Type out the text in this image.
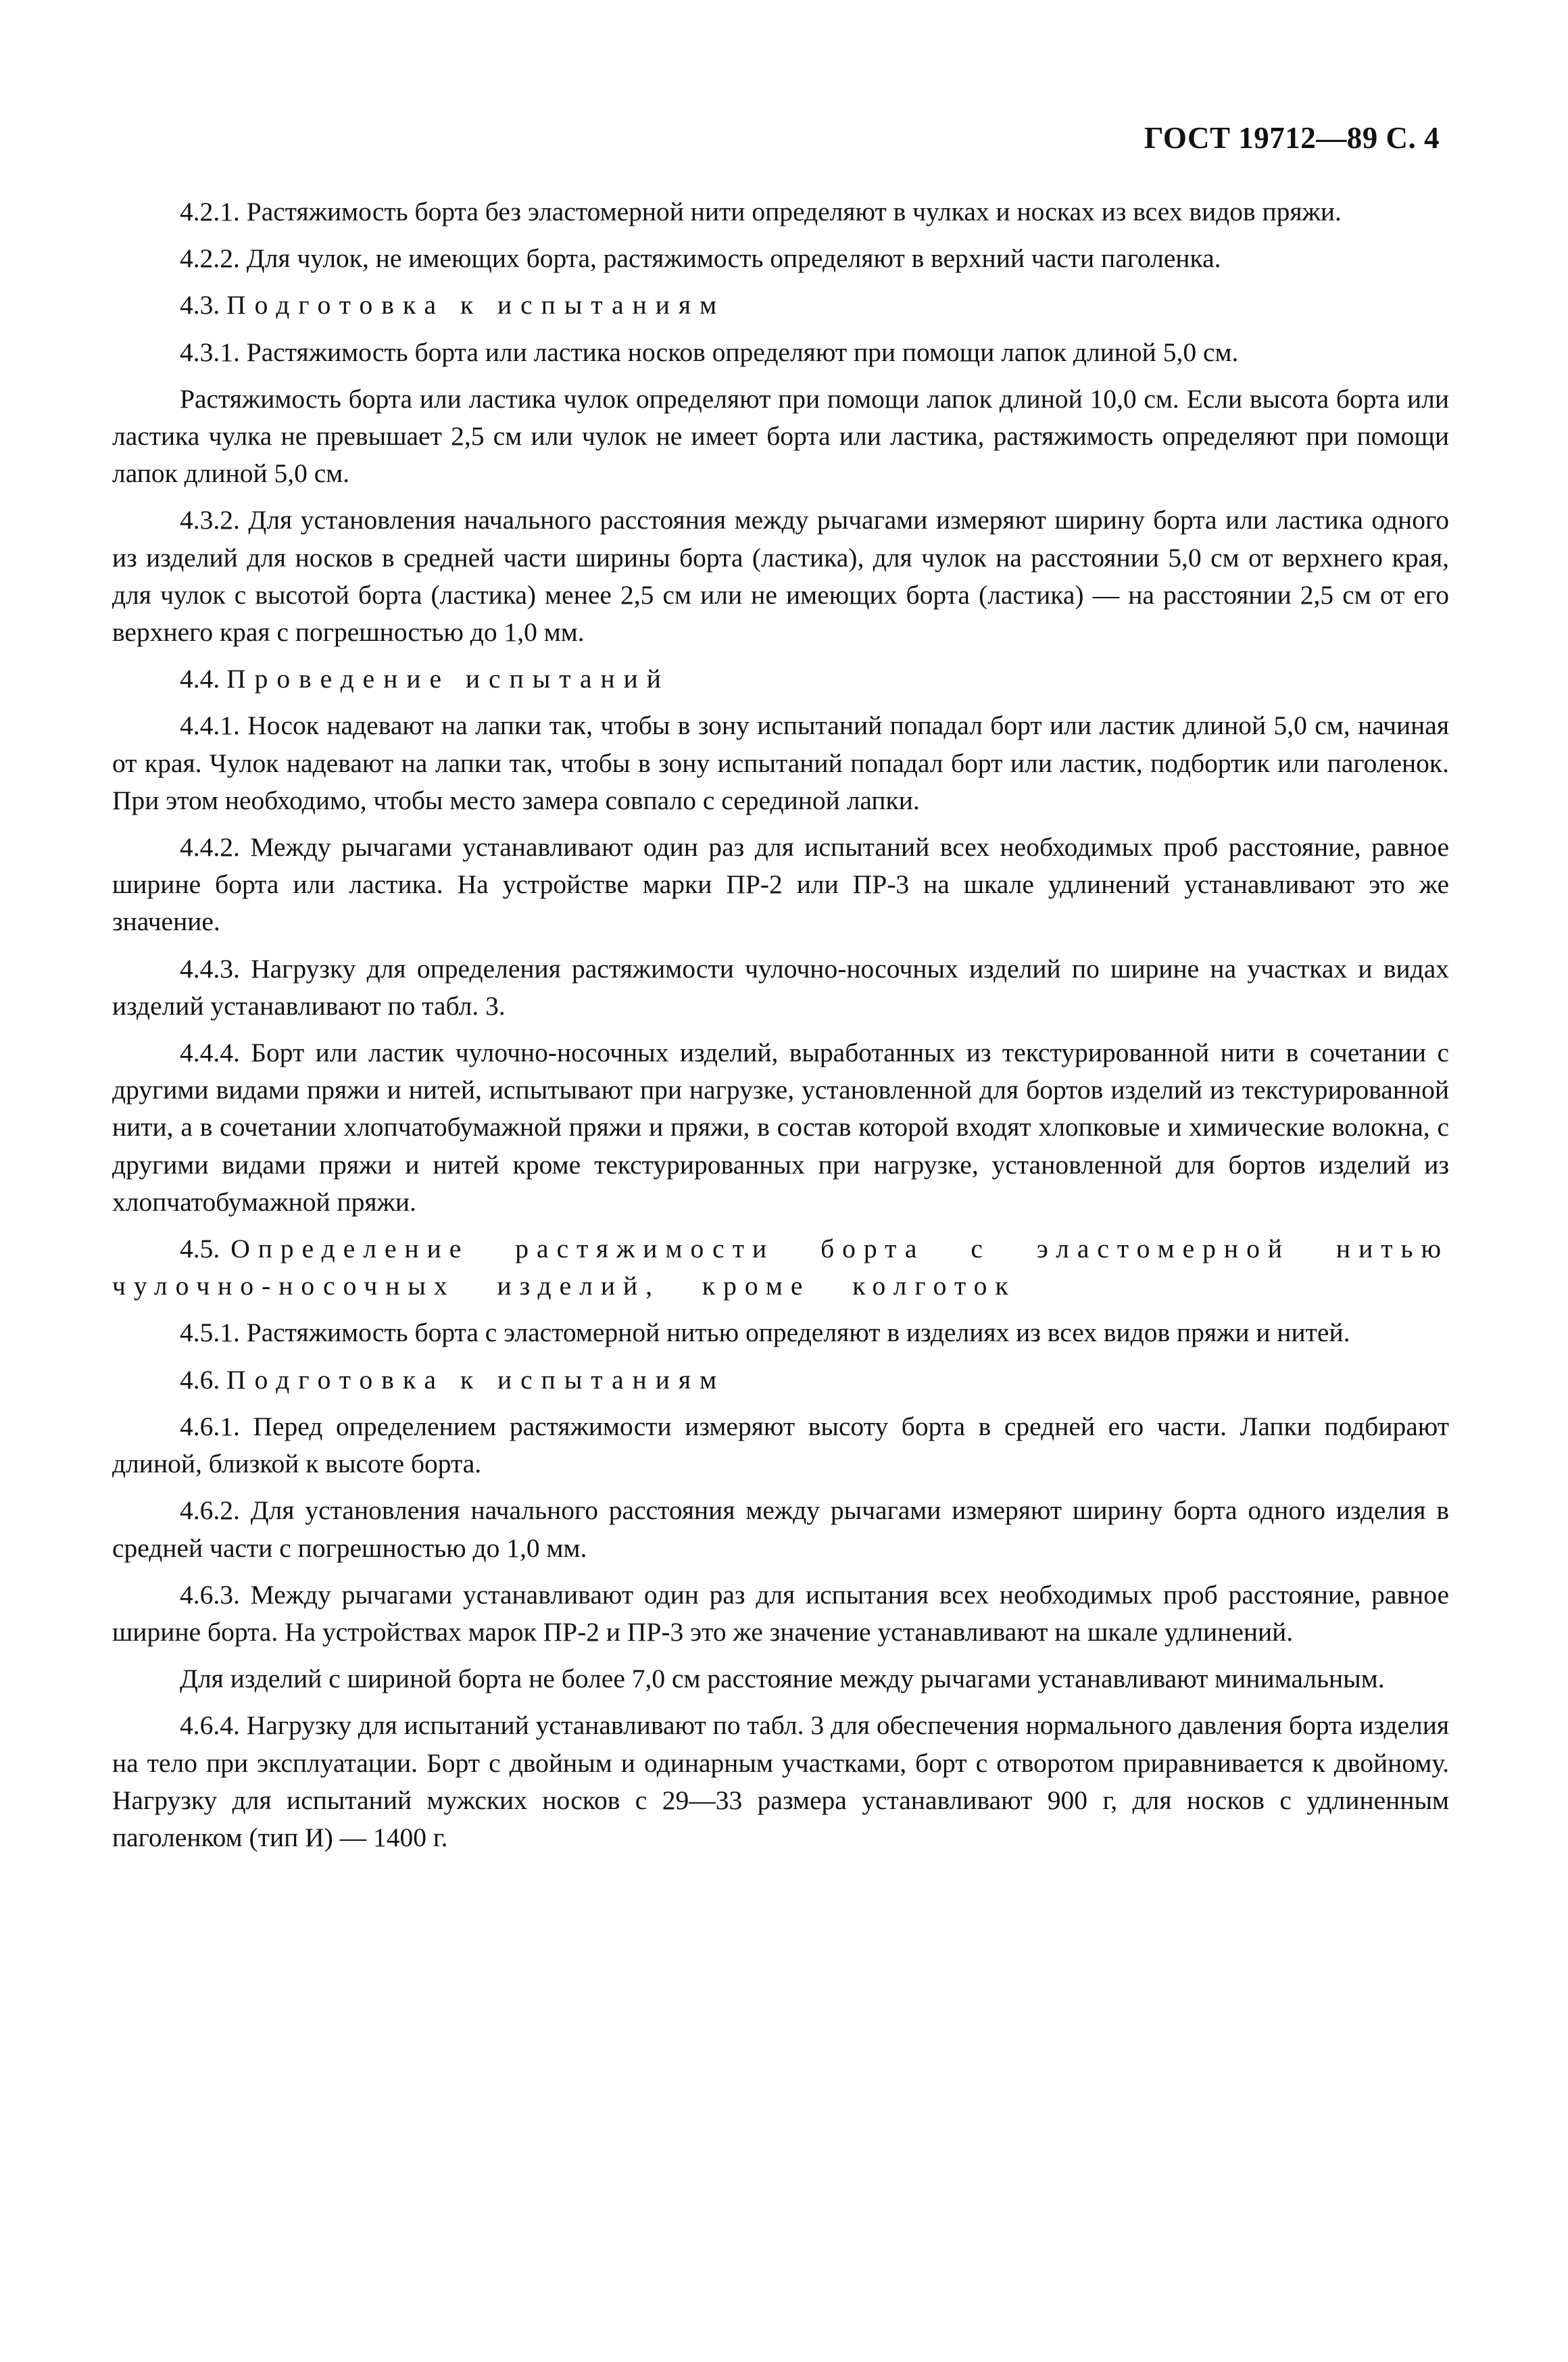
ГОСТ 19712—89 С. 4

4.2.1. Растяжимость борта без эластомерной нити определяют в чулках и носках из всех видов пряжи.

4.2.2. Для чулок, не имеющих борта, растяжимость определяют в верхний части паголенка.

4.3. Подготовка к испытаниям

4.3.1. Растяжимость борта или ластика носков определяют при помощи лапок длиной 5,0 см.

Растяжимость борта или ластика чулок определяют при помощи лапок длиной 10,0 см. Если высота борта или ластика чулка не превышает 2,5 см или чулок не имеет борта или ластика, растяжимость определяют при помощи лапок длиной 5,0 см.

4.3.2. Для установления начального расстояния между рычагами измеряют ширину борта или ластика одного из изделий для носков в средней части ширины борта (ластика), для чулок на расстоянии 5,0 см от верхнего края, для чулок с высотой борта (ластика) менее 2,5 см или не имеющих борта (ластика) — на расстоянии 2,5 см от его верхнего края с погрешностью до 1,0 мм.

4.4. Проведение испытаний

4.4.1. Носок надевают на лапки так, чтобы в зону испытаний попадал борт или ластик длиной 5,0 см, начиная от края. Чулок надевают на лапки так, чтобы в зону испытаний попадал борт или ластик, подбортик или паголенок. При этом необходимо, чтобы место замера совпало с серединой лапки.

4.4.2. Между рычагами устанавливают один раз для испытаний всех необходимых проб расстояние, равное ширине борта или ластика. На устройстве марки ПР-2 или ПР-3 на шкале удлинений устанавливают это же значение.

4.4.3. Нагрузку для определения растяжимости чулочно-носочных изделий по ширине на участках и видах изделий устанавливают по табл. 3.

4.4.4. Борт или ластик чулочно-носочных изделий, выработанных из текстурированной нити в сочетании с другими видами пряжи и нитей, испытывают при нагрузке, установленной для бортов изделий из текстурированной нити, а в сочетании хлопчатобумажной пряжи и пряжи, в состав которой входят хлопковые и химические волокна, с другими видами пряжи и нитей кроме текстурированных при нагрузке, установленной для бортов изделий из хлопчатобумажной пряжи.

4.5. Определение растяжимости борта с эластомерной нитью чулочно-носочных изделий, кроме колготок

4.5.1. Растяжимость борта с эластомерной нитью определяют в изделиях из всех видов пряжи и нитей.

4.6. Подготовка к испытаниям

4.6.1. Перед определением растяжимости измеряют высоту борта в средней его части. Лапки подбирают длиной, близкой к высоте борта.

4.6.2. Для установления начального расстояния между рычагами измеряют ширину борта одного изделия в средней части с погрешностью до 1,0 мм.

4.6.3. Между рычагами устанавливают один раз для испытания всех необходимых проб расстояние, равное ширине борта. На устройствах марок ПР-2 и ПР-3 это же значение устанавливают на шкале удлинений.

Для изделий с шириной борта не более 7,0 см расстояние между рычагами устанавливают минимальным.

4.6.4. Нагрузку для испытаний устанавливают по табл. 3 для обеспечения нормального давления борта изделия на тело при эксплуатации. Борт с двойным и одинарным участками, борт с отворотом приравнивается к двойному. Нагрузку для испытаний мужских носков с 29—33 размера устанавливают 900 г, для носков с удлиненным паголенком (тип И) — 1400 г.
